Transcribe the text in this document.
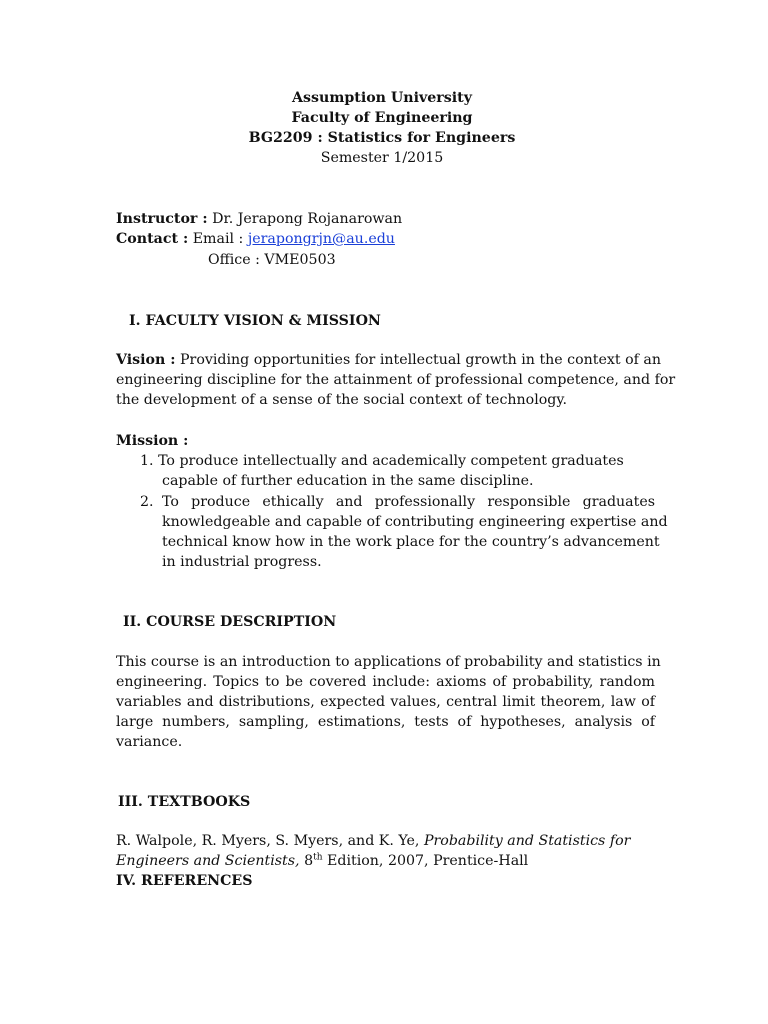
Assumption University
Faculty of Engineering
BG2209 : Statistics for Engineers
Semester 1/2015
Instructor : Dr. Jerapong Rojanarowan
Contact : Email : jerapongrjn@au.edu
Office : VME0503
I. FACULTY VISION & MISSION
Vision : Providing opportunities for intellectual growth in the context of an
engineering discipline for the attainment of professional competence, and for
the development of a sense of the social context of technology.
Mission :
1. To produce intellectually and academically competent graduates
capable of further education in the same discipline.
2. To produce ethically and professionally responsible graduates
knowledgeable and capable of contributing engineering expertise and
technical know how in the work place for the country’s advancement
in industrial progress.
II. COURSE DESCRIPTION
This course is an introduction to applications of probability and statistics in
engineering. Topics to be covered include: axioms of probability, random
variables and distributions, expected values, central limit theorem, law of
large numbers, sampling, estimations, tests of hypotheses, analysis of
variance.
III. TEXTBOOKS
R. Walpole, R. Myers, S. Myers, and K. Ye, Probability and Statistics for
Engineers and Scientists, 8th Edition, 2007, Prentice-Hall
IV. REFERENCES
